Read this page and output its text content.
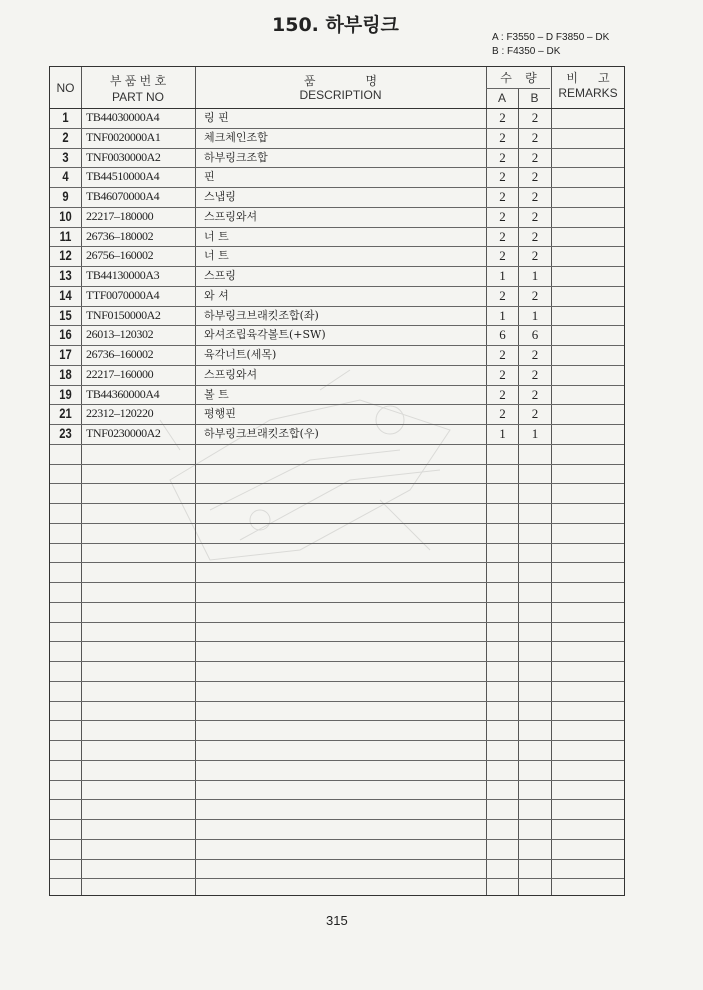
150. 하부링크
A : F3550 – D F3850 – DK
B : F4350 – DK
NO	부 품 번 호
PART NO
품               명
DESCRIPTION
수    량
A	B
비      고
REMARKS
1	TB44030000A4	링 핀	2	2
2	TNF0020000A1	체크체인조합	2	2
3	TNF0030000A2	하부링크조합	2	2
4	TB44510000A4	핀	2	2
9	TB46070000A4	스냅링	2	2
10	22217–180000	스프링와셔	2	2
11	26736–180002	너 트	2	2
12	26756–160002	너 트	2	2
13	TB44130000A3	스프링	1	1
14	TTF0070000A4	와 셔	2	2
15	TNF0150000A2	하부링크브래킷조합(좌)	1	1
16	26013–120302	와셔조립육각볼트(+SW)	6	6
17	26736–160002	육각너트(세목)	2	2
18	22217–160000	스프링와셔	2	2
19	TB44360000A4	볼 트	2	2
21	22312–120220	평행핀	2	2
23	TNF0230000A2	하부링크브래킷조합(우)	1	1
315
